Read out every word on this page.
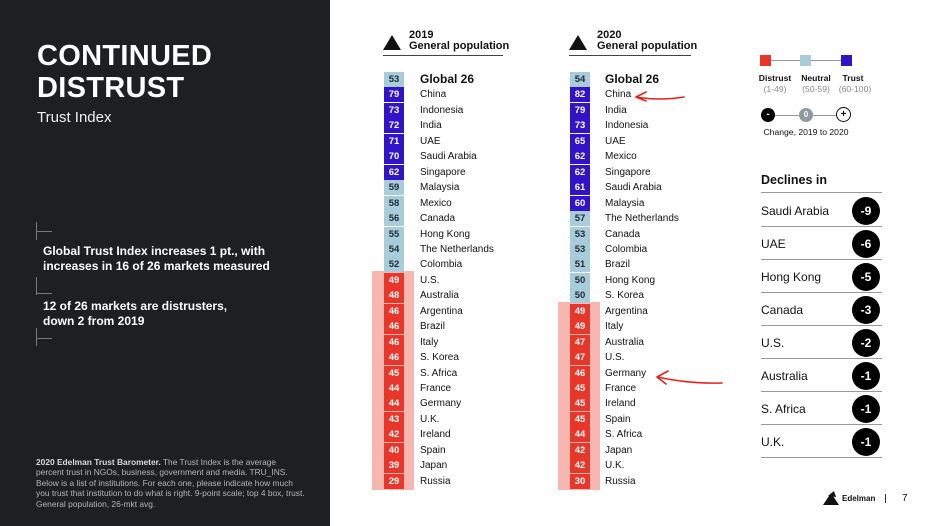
CONTINUED
DISTRUST
Trust Index
Global Trust Index increases 1 pt., with increases in 16 of 26 markets measured
12 of 26 markets are distrusters, down 2 from 2019
2020 Edelman Trust Barometer. The Trust Index is the average percent trust in NGOs, business, government and media. TRU_INS. Below is a list of institutions. For each one, please indicate how much you trust that institution to do what is right. 9-point scale; top 4 box, trust. General population, 26-mkt avg.
2019
General population
53	Global 26
79	China
73	Indonesia
72	India
71	UAE
70	Saudi Arabia
62	Singapore
59	Malaysia
58	Mexico
56	Canada
55	Hong Kong
54	The Netherlands
52	Colombia
49	U.S.
48	Australia
46	Argentina
46	Brazil
46	Italy
46	S. Korea
45	S. Africa
44	France
44	Germany
43	U.K.
42	Ireland
40	Spain
39	Japan
29	Russia
2020
General population
54	Global 26
82	China
79	India
73	Indonesia
65	UAE
62	Mexico
62	Singapore
61	Saudi Arabia
60	Malaysia
57	The Netherlands
53	Canada
53	Colombia
51	Brazil
50	Hong Kong
50	S. Korea
49	Argentina
49	Italy
47	Australia
47	U.S.
46	Germany
45	France
45	Ireland
45	Spain
44	S. Africa
42	Japan
42	U.K.
30	Russia
Distrust
(1-49)
Neutral
(50-59)
Trust
(60-100)
-	0	+
Change, 2019 to 2020
Declines in
Saudi Arabia	-9
UAE	-6
Hong Kong	-5
Canada	-3
U.S.	-2
Australia	-1
S. Africa	-1
U.K.	-1
Edelman	7
